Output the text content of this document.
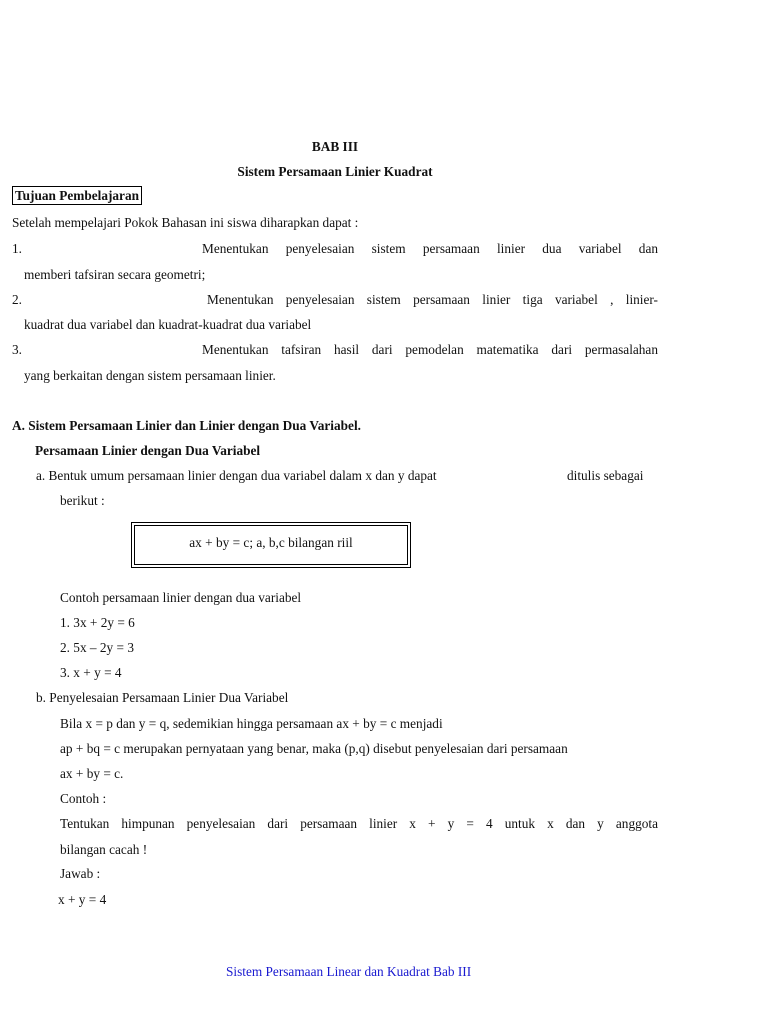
BAB III
Sistem Persamaan Linier Kuadrat
Tujuan Pembelajaran
Setelah mempelajari Pokok Bahasan ini siswa diharapkan dapat :
1.	Menentukan penyelesaian sistem persamaan linier dua variabel dan
memberi tafsiran secara geometri;
2.	Menentukan penyelesaian sistem persamaan linier tiga variabel , linier-
kuadrat dua variabel dan kuadrat-kuadrat dua variabel
3.	Menentukan tafsiran hasil dari pemodelan matematika dari permasalahan
yang berkaitan dengan sistem persamaan linier.
A. Sistem Persamaan Linier dan Linier dengan Dua Variabel.
Persamaan Linier dengan Dua Variabel
a. Bentuk umum persamaan linier dengan dua variabel dalam x dan y dapat	ditulis sebagai
berikut :
ax + by = c; a, b,c bilangan riil
Contoh persamaan linier dengan dua variabel
1. 3x + 2y = 6
2. 5x – 2y = 3
3. x + y = 4
b. Penyelesaian Persamaan Linier Dua Variabel
Bila x = p dan y = q, sedemikian hingga persamaan ax + by = c menjadi
ap + bq = c merupakan pernyataan yang benar, maka (p,q) disebut penyelesaian dari persamaan
ax + by = c.
Contoh :
Tentukan himpunan penyelesaian dari persamaan linier x + y = 4 untuk x dan y anggota
bilangan cacah !
Jawab :
x + y = 4
Sistem Persamaan Linear dan Kuadrat Bab III
